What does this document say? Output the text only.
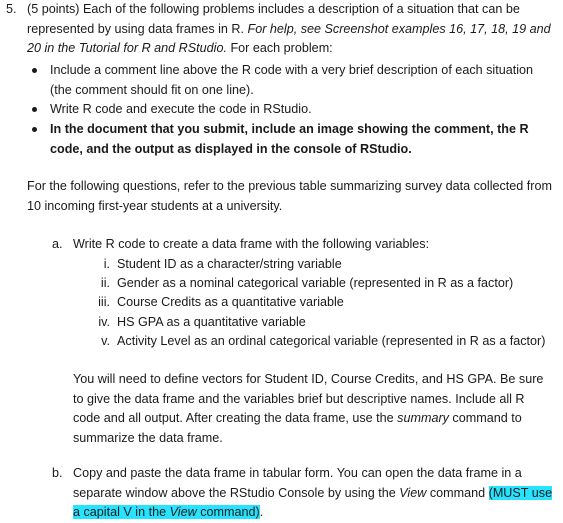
5. (5 points) Each of the following problems includes a description of a situation that can be represented by using data frames in R. For help, see Screenshot examples 16, 17, 18, 19 and 20 in the Tutorial for R and RStudio. For each problem:
Include a comment line above the R code with a very brief description of each situation (the comment should fit on one line).
Write R code and execute the code in RStudio.
In the document that you submit, include an image showing the comment, the R code, and the output as displayed in the console of RStudio.
For the following questions, refer to the previous table summarizing survey data collected from 10 incoming first-year students at a university.
a. Write R code to create a data frame with the following variables:
i. Student ID as a character/string variable
ii. Gender as a nominal categorical variable (represented in R as a factor)
iii. Course Credits as a quantitative variable
iv. HS GPA as a quantitative variable
v. Activity Level as an ordinal categorical variable (represented in R as a factor)
You will need to define vectors for Student ID, Course Credits, and HS GPA. Be sure to give the data frame and the variables brief but descriptive names. Include all R code and all output. After creating the data frame, use the summary command to summarize the data frame.
b. Copy and paste the data frame in tabular form. You can open the data frame in a separate window above the RStudio Console by using the View command (MUST use a capital V in the View command).
